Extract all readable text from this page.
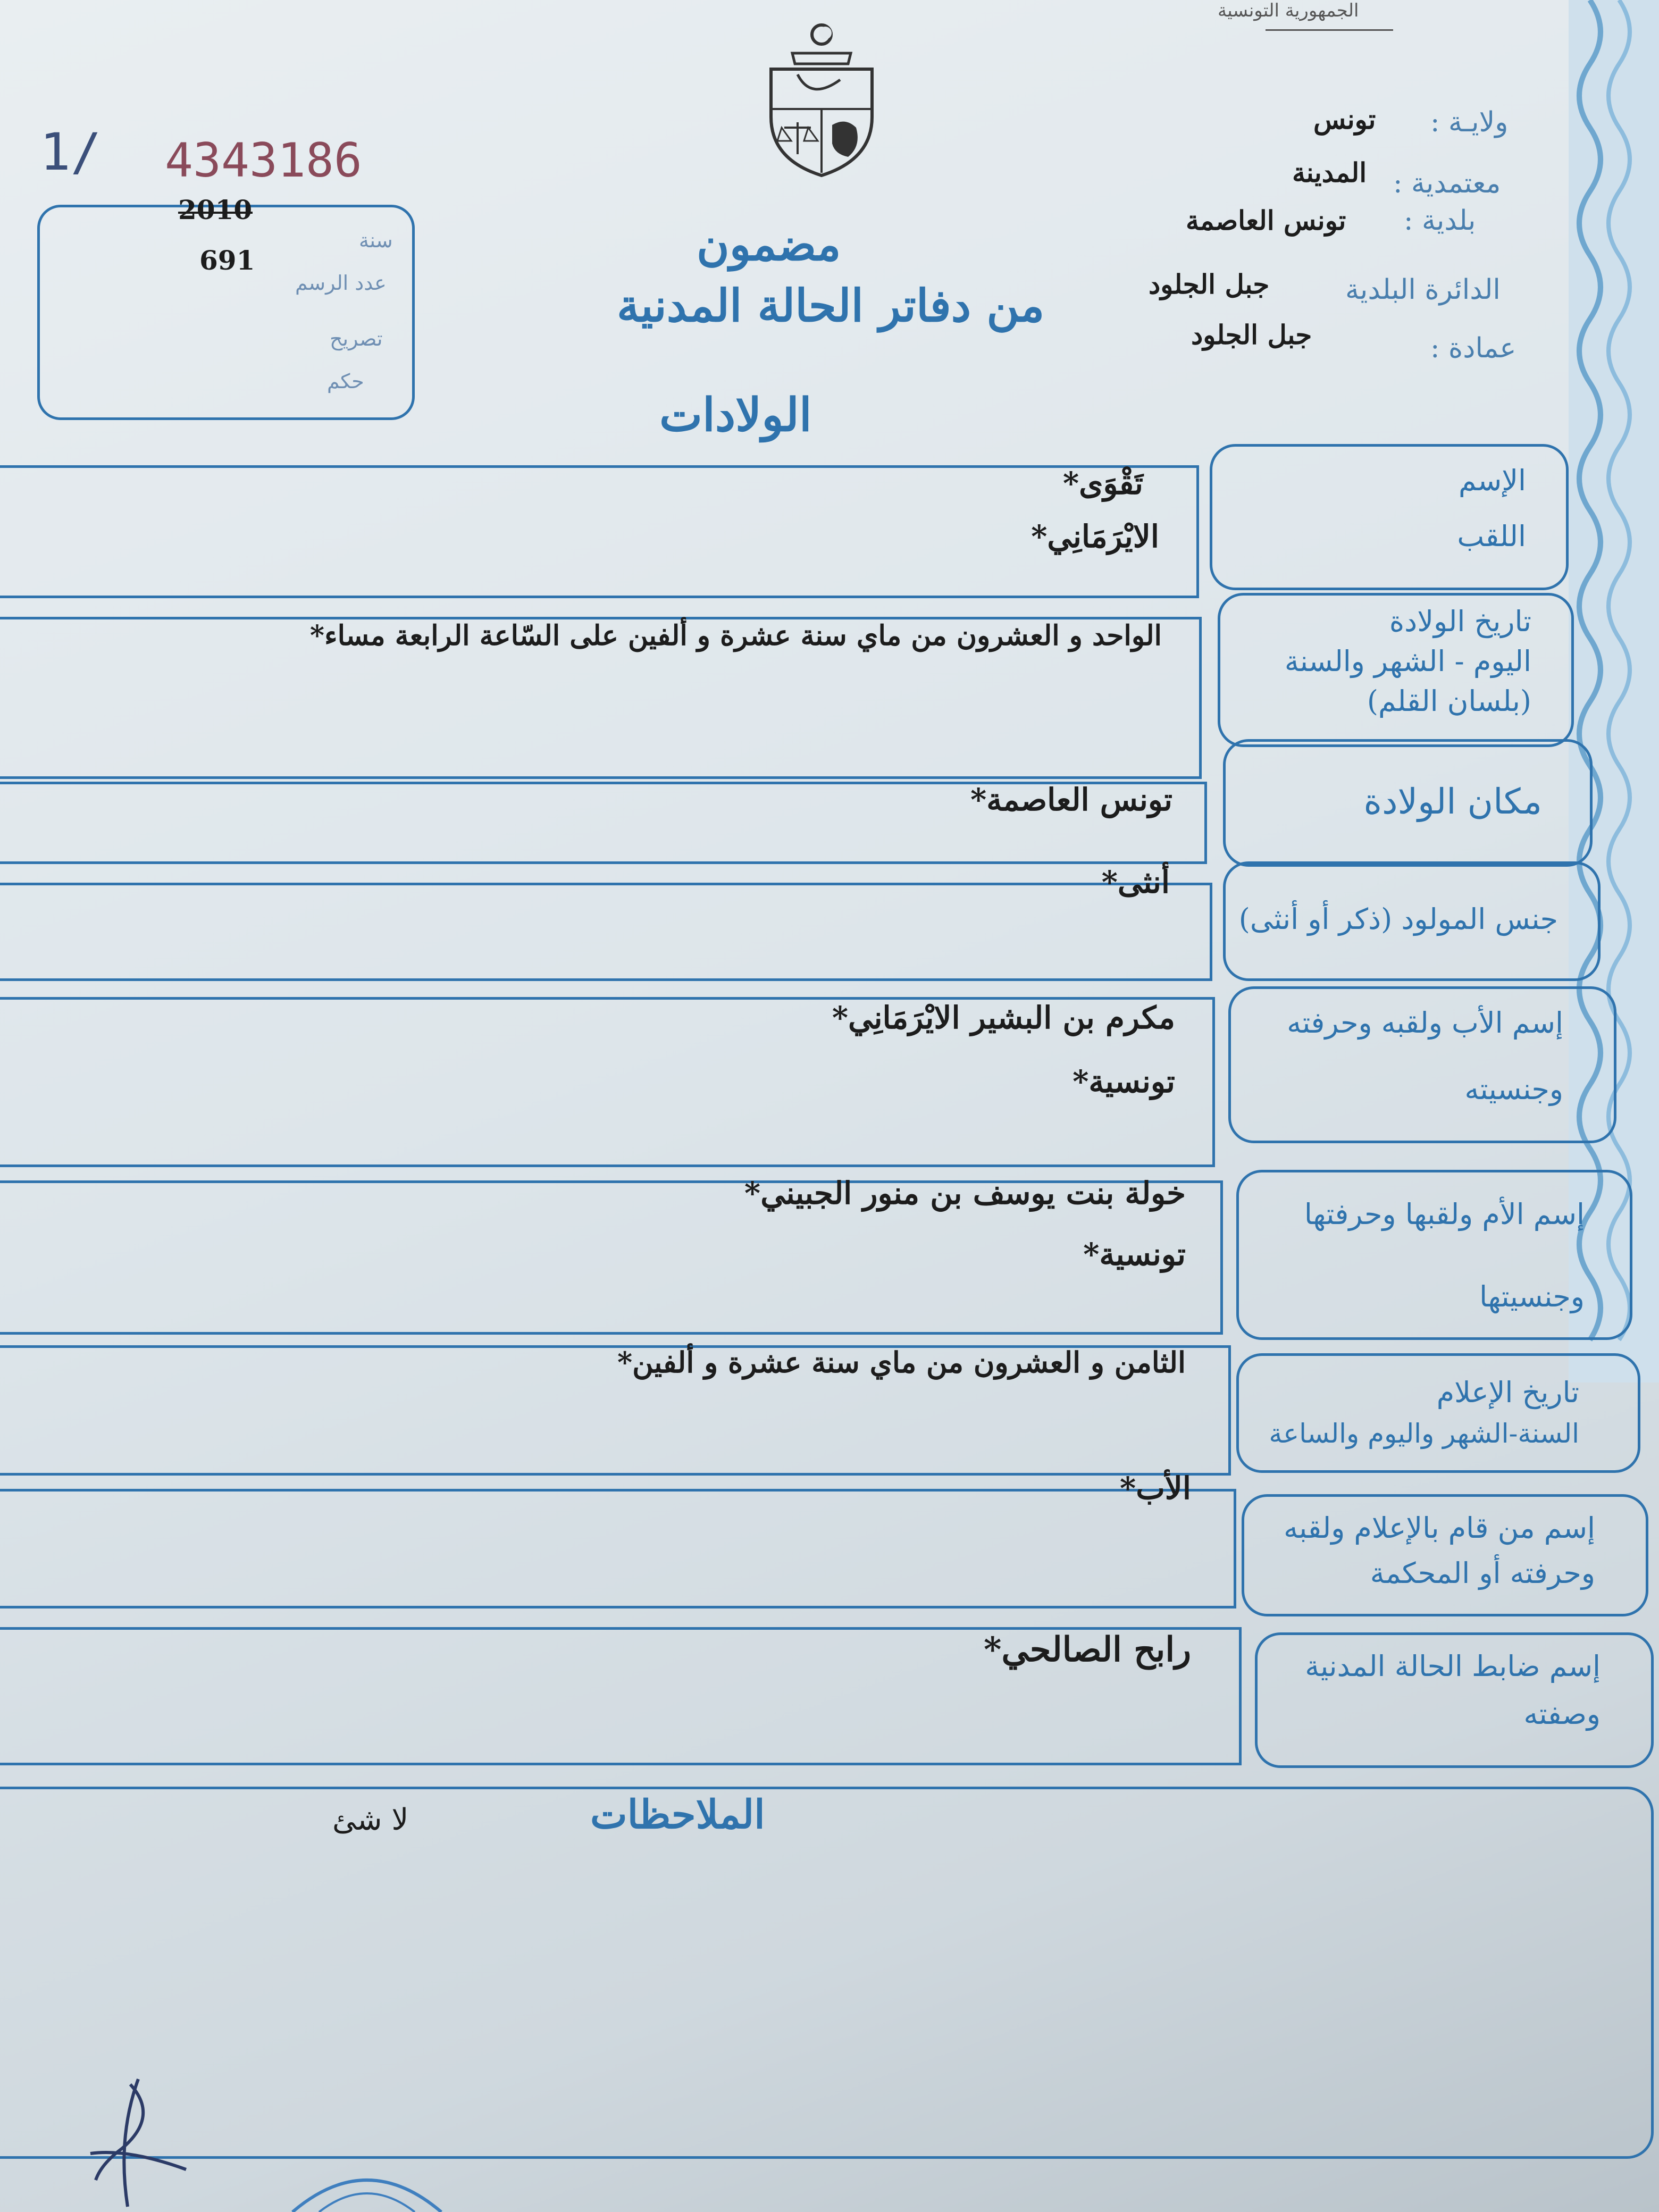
الجمهورية التونسية
ولايـة :
تونس
معتمدية :
المدينة
بلدية :
تونس العاصمة
الدائرة البلدية
جبل الجلود
عمادة :
جبل الجلود
1/ 4343186
2010
سنة
691
عدد الرسم
تصريح
حكم
مضمون
من دفاتر الحالة المدنية
الولادات
الإسم
اللقب
تَقْوَى*
الايْرَمَانِي*
تاريخ الولادة
اليوم - الشهر والسنة
(بلسان القلم)
الواحد و العشرون من ماي سنة عشرة و ألفين على السّاعة الرابعة مساء*
مكان الولادة
تونس العاصمة*
جنس المولود (ذكر أو أنثى)
أنثى*
إسم الأب ولقبه وحرفته
وجنسيته
مكرم بن البشير الايْرَمَانِي*
تونسية*
إسم الأم ولقبها وحرفتها
وجنسيتها
خولة بنت يوسف بن منور الجبيني*
تونسية*
تاريخ الإعلام
السنة-الشهر واليوم والساعة
الثامن و العشرون من ماي سنة عشرة و ألفين*
إسم من قام بالإعلام ولقبه
وحرفته أو المحكمة
الأب*
إسم ضابط الحالة المدنية
وصفته
رابح الصالحي*
الملاحظات
لا شئ
